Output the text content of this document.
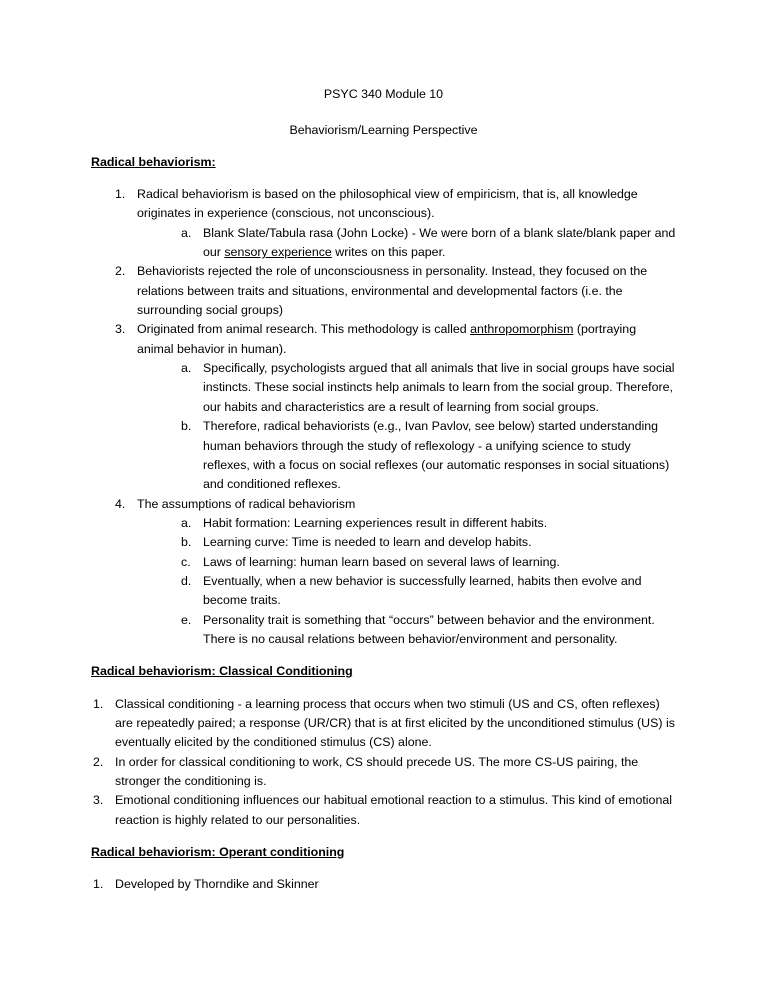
PSYC 340 Module 10

Behaviorism/Learning Perspective

Radical behaviorism:

1. Radical behaviorism is based on the philosophical view of empiricism, that is, all knowledge originates in experience (conscious, not unconscious).
a. Blank Slate/Tabula rasa (John Locke) - We were born of a blank slate/blank paper and our sensory experience writes on this paper.
2. Behaviorists rejected the role of unconsciousness in personality. Instead, they focused on the relations between traits and situations, environmental and developmental factors (i.e. the surrounding social groups)
3. Originated from animal research. This methodology is called anthropomorphism (portraying animal behavior in human).
a. Specifically, psychologists argued that all animals that live in social groups have social instincts. These social instincts help animals to learn from the social group. Therefore, our habits and characteristics are a result of learning from social groups.
b. Therefore, radical behaviorists (e.g., Ivan Pavlov, see below) started understanding human behaviors through the study of reflexology - a unifying science to study reflexes, with a focus on social reflexes (our automatic responses in social situations) and conditioned reflexes.
4. The assumptions of radical behaviorism
a. Habit formation: Learning experiences result in different habits.
b. Learning curve: Time is needed to learn and develop habits.
c. Laws of learning: human learn based on several laws of learning.
d. Eventually, when a new behavior is successfully learned, habits then evolve and become traits.
e. Personality trait is something that “occurs” between behavior and the environment. There is no causal relations between behavior/environment and personality.

Radical behaviorism: Classical Conditioning

1. Classical conditioning - a learning process that occurs when two stimuli (US and CS, often reflexes) are repeatedly paired; a response (UR/CR) that is at first elicited by the unconditioned stimulus (US) is eventually elicited by the conditioned stimulus (CS) alone.
2. In order for classical conditioning to work, CS should precede US. The more CS-US pairing, the stronger the conditioning is.
3. Emotional conditioning influences our habitual emotional reaction to a stimulus. This kind of emotional reaction is highly related to our personalities.

Radical behaviorism: Operant conditioning

1. Developed by Thorndike and Skinner
